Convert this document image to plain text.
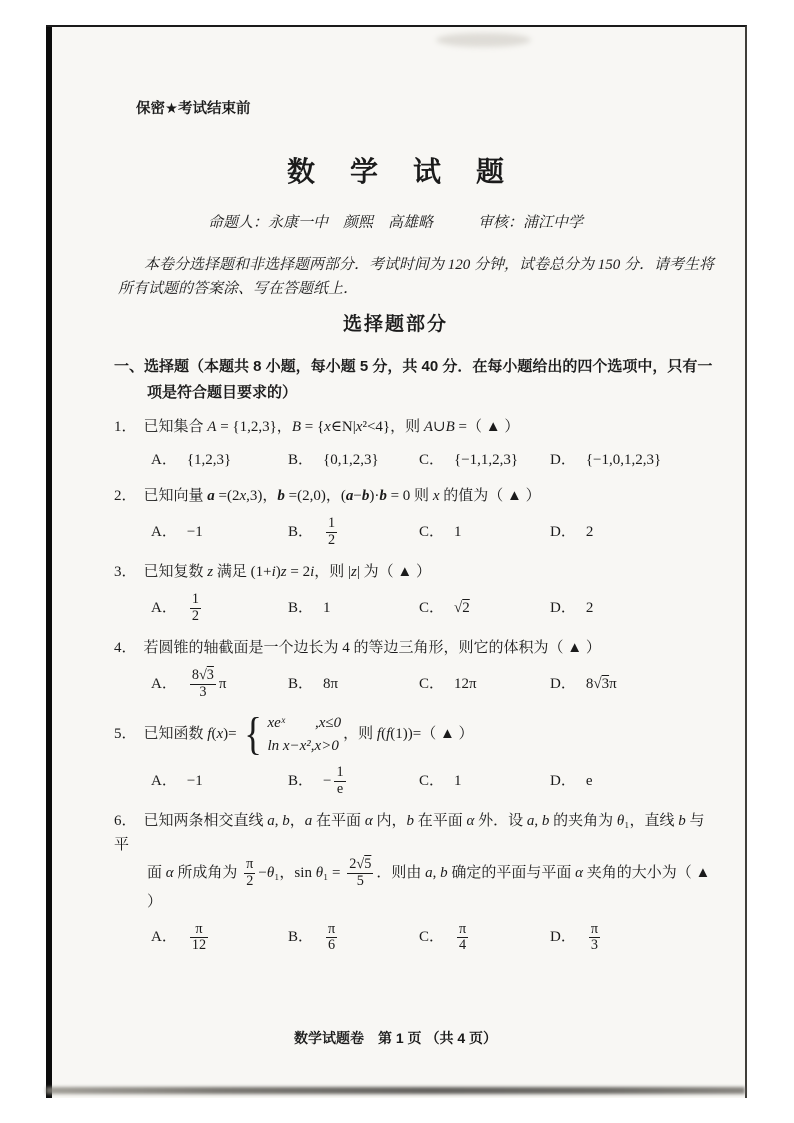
保密★考试结束前
数 学 试 题
命题人：永康一中　颜熙　高雄略　　　审核：浦江中学
本卷分选择题和非选择题两部分．考试时间为 120 分钟，试卷总分为 150 分．请考生将
所有试题的答案涂、写在答题纸上．
选择题部分
一、选择题（本题共 8 小题，每小题 5 分，共 40 分．在每小题给出的四个选项中，只有一
项是符合题目要求的）
1． 已知集合 A = {1,2,3}，B = {x∈N|x²<4}，则 A∪B =（ ▲ ）
A． {1,2,3}	B． {0,1,2,3}	C． {−1,1,2,3}	D． {−1,0,1,2,3}
2． 已知向量 a =(2x,3)，b =(2,0)，(a−b)·b = 0 则 x 的值为（ ▲ ）
A． −1	B． $\frac{1}{2}$	C． 1	D． 2
3． 已知复数 z 满足 (1+i)z = 2i，则 |z| 为（ ▲ ）
A． $\frac{1}{2}$	B． 1	C． √2	D． 2
4． 若圆锥的轴截面是一个边长为 4 的等边三角形，则它的体积为（ ▲ ）
A． $\frac{8√3}{3}$ π	B． 8π	C． 12π	D． 8√3π
5． 已知函数 f(x)= { xeˣ　　,x≤0
ln x−x²,x>0
，则 f(f(1))=（ ▲ ）
A． −1	B． − $\frac{1}{e}$	C． 1	D． e
6． 已知两条相交直线 a, b，a 在平面 α 内，b 在平面 α 外．设 a, b 的夹角为 θ₁，直线 b 与平
面 α 所成角为 $\frac{\pi}{2} -\theta_1$，$\sin \theta_1 = \frac{2√5}{5}$ ．则由 a, b 确定的平面与平面 α 夹角的大小为（ ▲ ）
A． $\frac{\pi}{12}$	B． $\frac{\pi}{6}$	C． $\frac{\pi}{4}$	D． $\frac{\pi}{3}$
数学试题卷　第 1 页 （共 4 页）
